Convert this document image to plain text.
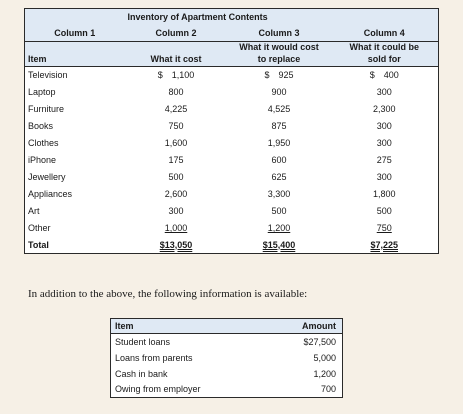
	Inventory of Apartment Contents		
Column 1	Column 2	Column 3	Column 4
		What it would cost	What it could be
Item	What it cost	to replace	sold for
Television	$ 1,100	$ 925	$ 400
Laptop	800	900	300
Furniture	4,225	4,525	2,300
Books	750	875	300
Clothes	1,600	1,950	300
iPhone	175	600	275
Jewellery	500	625	300
Appliances	2,600	3,300	1,800
Art	300	500	500
Other	1,000	1,200	750
Total	$13,050	$15,400	$7,225
In addition to the above, the following information is available:
Item	Amount
Student loans	$27,500
Loans from parents	5,000
Cash in bank	1,200
Owing from employer	700
